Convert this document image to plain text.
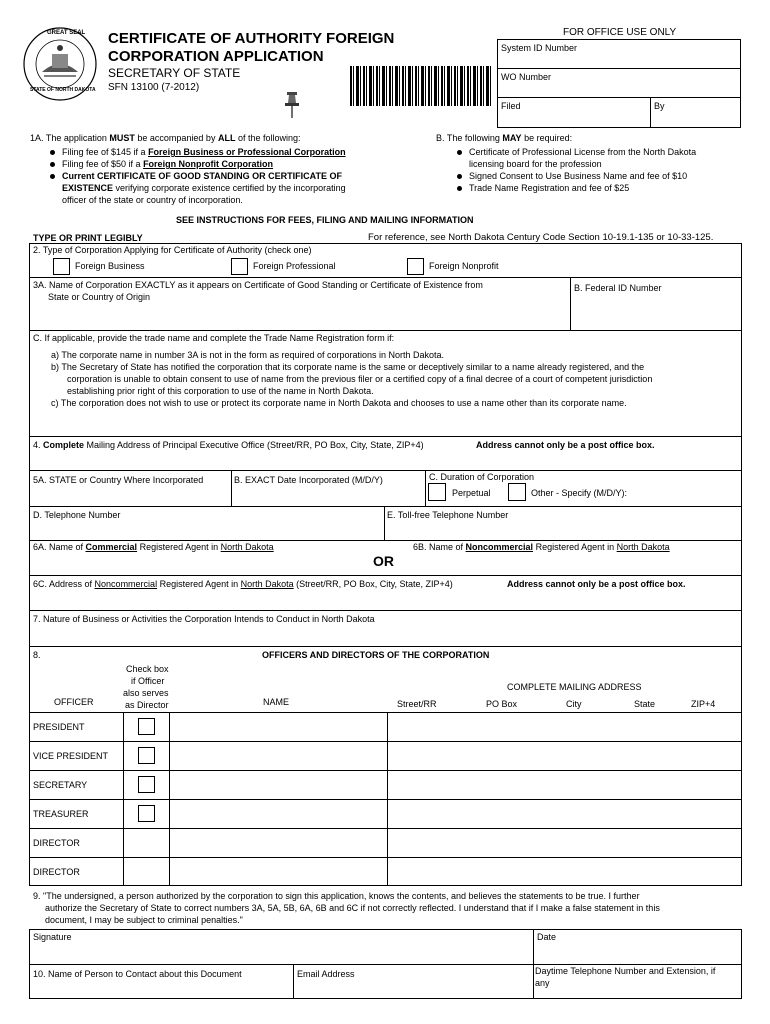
GREAT SEAL
STATE OF NORTH DAKOTA
CERTIFICATE OF AUTHORITY FOREIGN
CORPORATION APPLICATION
SECRETARY OF STATE
SFN 13100 (7-2012)
FOR OFFICE USE ONLY
System ID Number
WO Number
Filed	By
1A. The application MUST be accompanied by ALL of the following:
Filing fee of $145 if a Foreign Business or Professional Corporation
Filing fee of $50 if a Foreign Nonprofit Corporation
Current CERTIFICATE OF GOOD STANDING OR CERTIFICATE OF
EXISTENCE verifying corporate existence certified by the incorporating
officer of the state or country of incorporation.
B. The following MAY be required:
Certificate of Professional License from the North Dakota
licensing board for the profession
Signed Consent to Use Business Name and fee of $10
Trade Name Registration and fee of $25
SEE INSTRUCTIONS FOR FEES, FILING AND MAILING INFORMATION
TYPE OR PRINT LEGIBLY	For reference, see North Dakota Century Code Section 10-19.1-135 or 10-33-125.
2. Type of Corporation Applying for Certificate of Authority (check one)
Foreign Business	Foreign Professional	Foreign Nonprofit
3A. Name of Corporation EXACTLY as it appears on Certificate of Good Standing or Certificate of Existence from
State or Country of Origin
B. Federal ID Number
C. If applicable, provide the trade name and complete the Trade Name Registration form if:
a) The corporate name in number 3A is not in the form as required of corporations in North Dakota.
b) The Secretary of State has notified the corporation that its corporate name is the same or deceptively similar to a name already registered, and the
corporation is unable to obtain consent to use of name from the previous filer or a certified copy of a final decree of a court of competent jurisdiction
establishing prior right of this corporation to use of the name in North Dakota.
c) The corporation does not wish to use or protect its corporate name in North Dakota and chooses to use a name other than its corporate name.
4. Complete Mailing Address of Principal Executive Office (Street/RR, PO Box, City, State, ZIP+4)	Address cannot only be a post office box.
5A. STATE or Country Where Incorporated	B. EXACT Date Incorporated (M/D/Y)	C. Duration of Corporation
Perpetual	Other - Specify (M/D/Y):
D. Telephone Number	E. Toll-free Telephone Number
6A. Name of Commercial Registered Agent in North Dakota	6B. Name of Noncommercial Registered Agent in North Dakota
OR
6C. Address of Noncommercial Registered Agent in North Dakota (Street/RR, PO Box, City, State, ZIP+4)	Address cannot only be a post office box.
7. Nature of Business or Activities the Corporation Intends to Conduct in North Dakota
8.	OFFICERS AND DIRECTORS OF THE CORPORATION
Check box
if Officer
also serves
as Director
OFFICER	NAME
COMPLETE MAILING ADDRESS
Street/RR	PO Box	City	State	ZIP+4
PRESIDENT
VICE PRESIDENT
SECRETARY
TREASURER
DIRECTOR
DIRECTOR
9. "The undersigned, a person authorized by the corporation to sign this application, knows the contents, and believes the statements to be true. I further
authorize the Secretary of State to correct numbers 3A, 5A, 5B, 6A, 6B and 6C if not correctly reflected. I understand that if I make a false statement in this
document, I may be subject to criminal penalties."
Signature	Date
10. Name of Person to Contact about this Document	Email Address	Daytime Telephone Number and Extension, if
any
